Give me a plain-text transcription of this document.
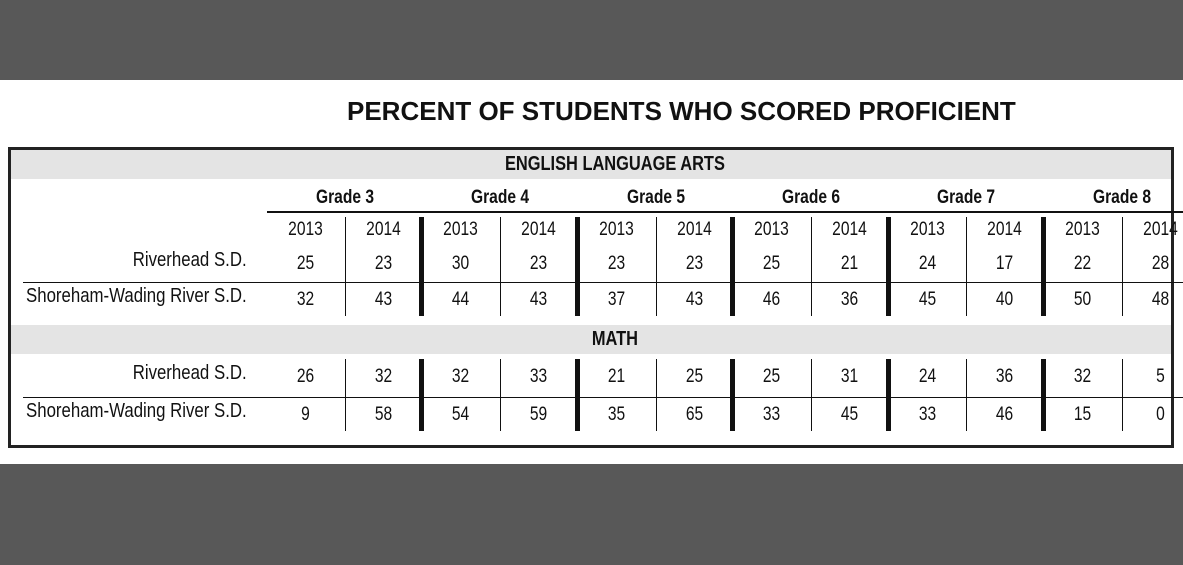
PERCENT OF STUDENTS WHO SCORED PROFICIENT
Grade 3
2013	2014
Grade 4
2013	2014
Grade 5
2013	2014
Grade 6
2013	2014
Grade 7
2013	2014
Grade 8
2013	2014
ENGLISH LANGUAGE ARTS
Riverhead S.D.	25	23	30	23	23	23	25	21	24	17	22	28
Shoreham-Wading River S.D.	32	43	44	43	37	43	46	36	45	40	50	48
MATH
Riverhead S.D.	26	32	32	33	21	25	25	31	24	36	32	5
Shoreham-Wading River S.D.	9	58	54	59	35	65	33	45	33	46	15	0
